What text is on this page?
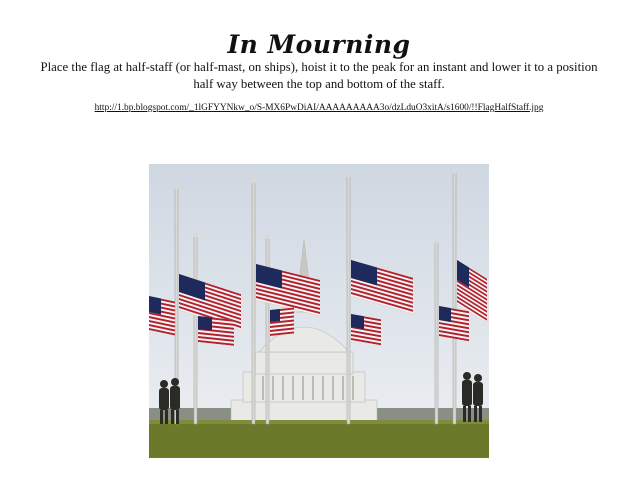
In Mourning
Place the flag at half-staff (or half-mast, on ships), hoist it to the peak for an instant and lower it to a position half way between the top and bottom of the staff.
http://1.bp.blogspot.com/_1lGFYYNkw_o/S-MX6PwDiAI/AAAAAAAAA3o/dzLduO3xitA/s1600/!!FlagHalfStaff.jpg
